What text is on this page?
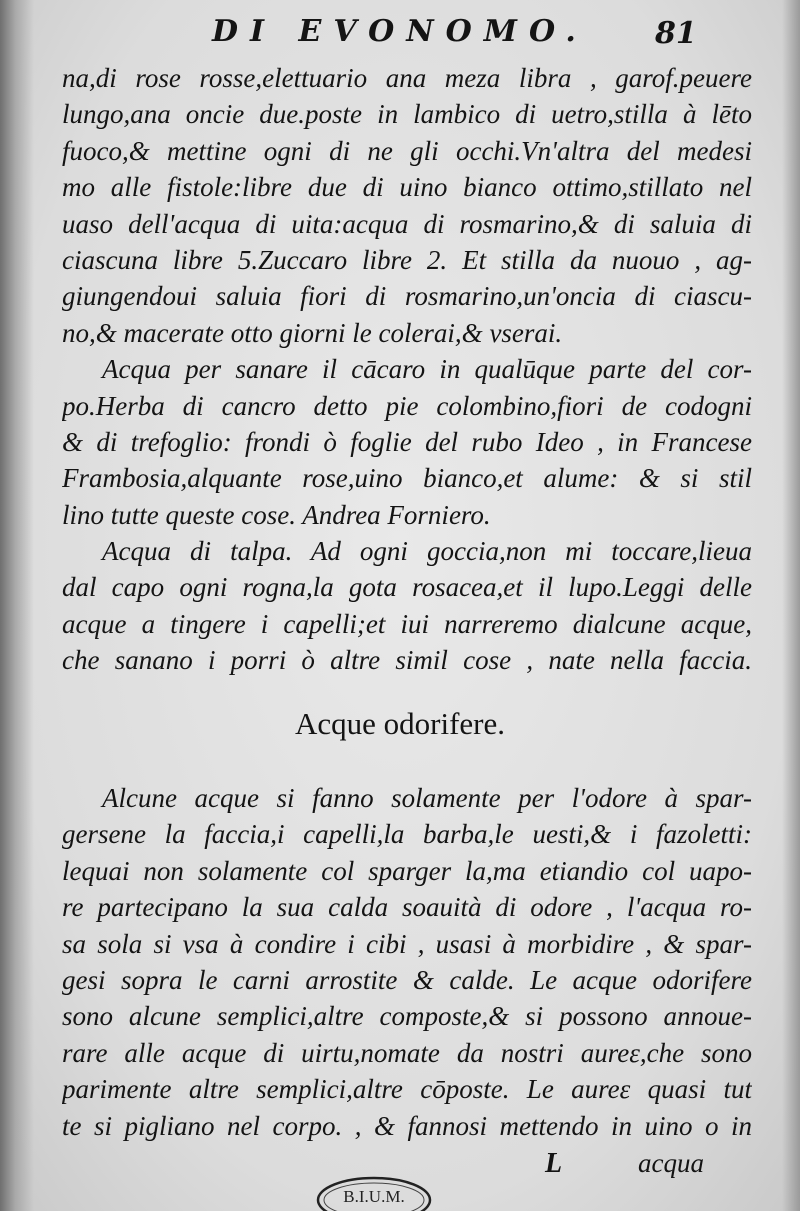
DI EVONOMO. 81
na,di rose rosse,elettuario ana meza libra , garof.peuere
lungo,ana oncie due.poste in lambico di uetro,stilla à lēto
fuoco,& mettine ogni di ne gli occhi.Vn'altra del medesi
mo alle fistole:libre due di uino bianco ottimo,stillato nel
uaso dell'acqua di uita:acqua di rosmarino,& di saluia di
ciascuna libre 5.Zuccaro libre 2. Et stilla da nuouo , ag-
giungendoui saluia fiori di rosmarino,un'oncia di ciascu-
no,& macerate otto giorni le colerai,& vserai.
Acqua per sanare il cācaro in qualūque parte del cor-
po.Herba di cancro detto pie colombino,fiori de codogni
& di trefoglio: frondi ò foglie del rubo Ideo , in Francese
Frambosia,alquante rose,uino bianco,et alume: & si stil
lino tutte queste cose. Andrea Forniero.
Acqua di talpa. Ad ogni goccia,non mi toccare,lieua
dal capo ogni rogna,la gota rosacea,et il lupo.Leggi delle
acque a tingere i capelli;et iui narreremo dialcune acque,
che sanano i porri ò altre simil cose , nate nella faccia.
Acque odorifere.
Alcune acque si fanno solamente per l'odore à spar-
gersene la faccia,i capelli,la barba,le uesti,& i fazoletti:
lequai non solamente col sparger la,ma etiandio col uapo-
re partecipano la sua calda soauità di odore , l'acqua ro-
sa sola si vsa à condire i cibi , usasi à morbidire , & spar-
gesi sopra le carni arrostite & calde. Le acque odorifere
sono alcune semplici,altre composte,& si possono annoue-
rare alle acque di uirtu,nomate da nostri aureε,che sono
parimente altre semplici,altre cōposte. Le aureε quasi tut
te si pigliano nel corpo. , & fannosi mettendo in uino o in
L	acqua
B.I.U.M.
